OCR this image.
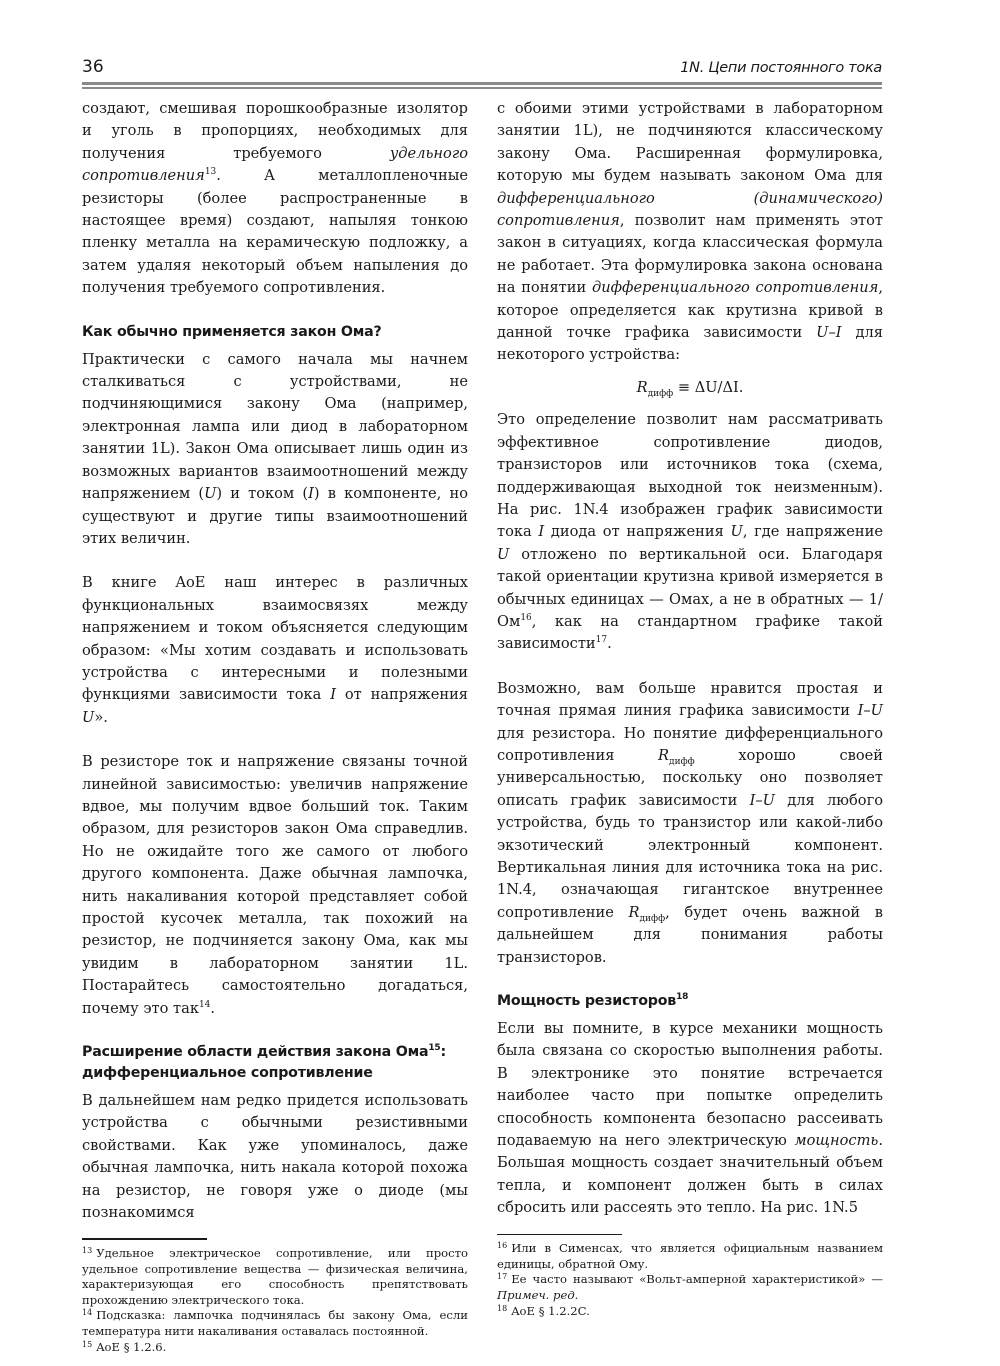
36	1N. Цепи постоянного тока

создают, смешивая порошкообразные изолятор и уголь в пропорциях, необходимых для получения требуемого удельного сопротивления$^{13}$. А металлопленочные резисторы (более распространенные в настоящее время) создают, напыляя тонкою пленку металла на керамическую подложку, а затем удаляя некоторый объем напыления до получения требуемого сопротивления.

Как обычно применяется закон Ома?

Практически с самого начала мы начнем сталкиваться с устройствами, не подчиняющимися закону Ома (например, электронная лампа или диод в лабораторном занятии 1L). Закон Ома описывает лишь один из возможных вариантов взаимоотношений между напряжением (U) и током (I) в компоненте, но существуют и другие типы взаимоотношений этих величин.

В книге AoE наш интерес в различных функциональных взаимосвязях между напряжением и током объясняется следующим образом: «Мы хотим создавать и использовать устройства с интересными и полезными функциями зависимости тока I от напряжения U».

В резисторе ток и напряжение связаны точной линейной зависимостью: увеличив напряжение вдвое, мы получим вдвое больший ток. Таким образом, для резисторов закон Ома справедлив. Но не ожидайте того же самого от любого другого компонента. Даже обычная лампочка, нить накаливания которой представляет собой простой кусочек металла, так похожий на резистор, не подчиняется закону Ома, как мы увидим в лабораторном занятии 1L. Постарайтесь самостоятельно догадаться, почему это так$^{14}$.

Расширение области действия закона Ома$^{15}$: дифференциальное сопротивление

В дальнейшем нам редко придется использовать устройства с обычными резистивными свойствами. Как уже упоминалось, даже обычная лампочка, нить накала которой похожа на резистор, не говоря уже о диоде (мы познакомимся

$^{13}$ Удельное электрическое сопротивление, или просто удельное сопротивление вещества — физическая величина, характеризующая его способность препятствовать прохождению электрического тока.

$^{14}$ Подсказка: лампочка подчинялась бы закону Ома, если температура нити накаливания оставалась постоянной.

$^{15}$ AoE § 1.2.6.

с обоими этими устройствами в лабораторном занятии 1L), не подчиняются классическому закону Ома. Расширенная формулировка, которую мы будем называть законом Ома для дифференциального (динамического) сопротивления, позволит нам применять этот закон в ситуациях, когда классическая формула не работает. Эта формулировка закона основана на понятии дифференциального сопротивления, которое определяется как крутизна кривой в данной точке графика зависимости U–I для некоторого устройства:

$R_{дифф} \equiv \Delta U/\Delta I$.

Это определение позволит нам рассматривать эффективное сопротивление диодов, транзисторов или источников тока (схема, поддерживающая выходной ток неизменным). На рис. 1N.4 изображен график зависимости тока I диода от напряжения U, где напряжение U отложено по вертикальной оси. Благодаря такой ориентации крутизна кривой измеряется в обычных единицах — Омах, а не в обратных — $1/Ом^{16}$, как на стандартном графике такой зависимости$^{17}$.

Возможно, вам больше нравится простая и точная прямая линия графика зависимости I–U для резистора. Но понятие дифференциального сопротивления $R_{дифф}$ хорошо своей универсальностью, поскольку оно позволяет описать график зависимости I–U для любого устройства, будь то транзистор или какой-либо экзотический электронный компонент. Вертикальная линия для источника тока на рис. 1N.4, означающая гигантское внутреннее сопротивление $R_{дифф}$, будет очень важной в дальнейшем для понимания работы транзисторов.

Мощность резисторов$^{18}$

Если вы помните, в курсе механики мощность была связана со скоростью выполнения работы. В электронике это понятие встречается наиболее часто при попытке определить способность компонента безопасно рассеивать подаваемую на него электрическую мощность. Большая мощность создает значительный объем тепла, и компонент должен быть в силах сбросить или рассеять это тепло. На рис. 1N.5

$^{16}$ Или в Сименсах, что является официальным названием единицы, обратной Ому.

$^{17}$ Ее часто называют «Вольт-амперной характеристикой» — Примеч. ред.

$^{18}$ AoE § 1.2.2C.
